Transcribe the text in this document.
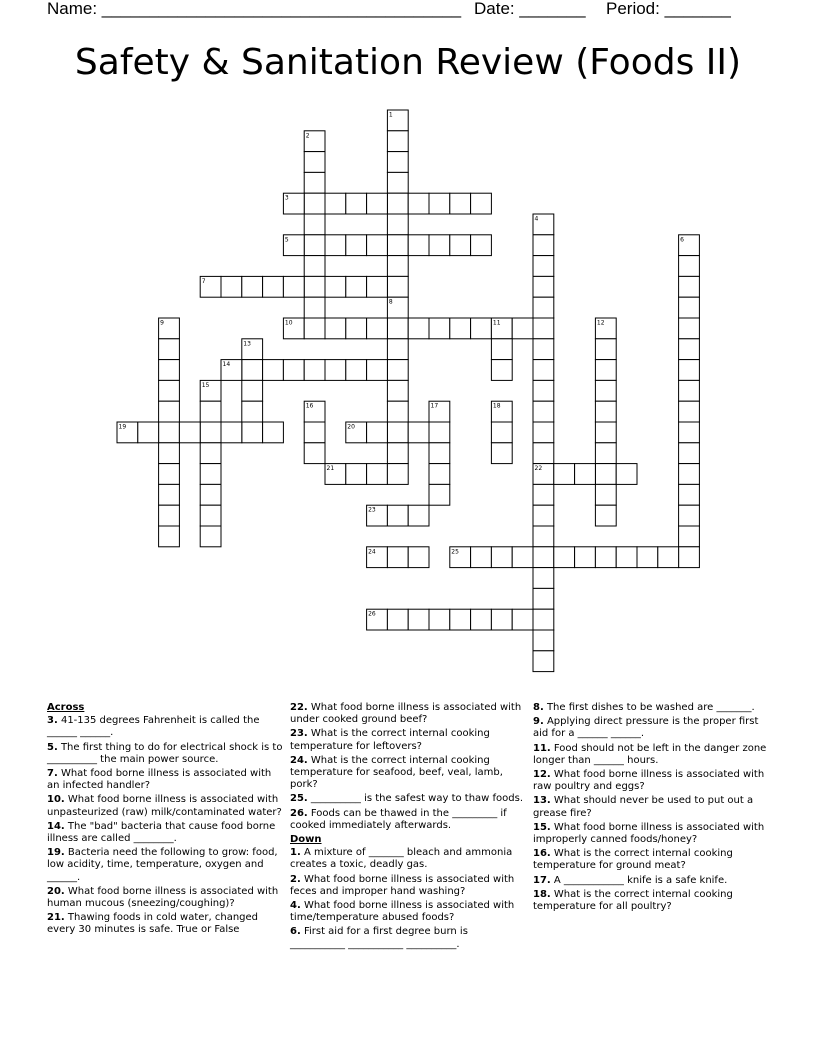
Name: ______________________________________ Date: _______ Period: _______
Safety & Sanitation Review (Foods II)
1
2
3
4
5	6
7
8
9	10	11	12
13
14
15
16	17	18
19	20
21	22
23
24	25
26
Across
3. 41-135 degrees Fahrenheit is called the ______ ______.
5. The first thing to do for electrical shock is to __________ the main power source.
7. What food borne illness is associated with an infected handler?
10. What food borne illness is associated with unpasteurized (raw) milk/contaminated water?
14. The "bad" bacteria that cause food borne illness are called ________.
19. Bacteria need the following to grow: food, low acidity, time, temperature, oxygen and ______.
20. What food borne illness is associated with human mucous (sneezing/coughing)?
21. Thawing foods in cold water, changed every 30 minutes is safe. True or False
22. What food borne illness is associated with under cooked ground beef?
23. What is the correct internal cooking temperature for leftovers?
24. What is the correct internal cooking temperature for seafood, beef, veal, lamb, pork?
25. __________ is the safest way to thaw foods.
26. Foods can be thawed in the _________ if cooked immediately afterwards.
Down
1. A mixture of _______ bleach and ammonia creates a toxic, deadly gas.
2. What food borne illness is associated with feces and improper hand washing?
4. What food borne illness is associated with time/temperature abused foods?
6. First aid for a first degree burn is ___________ ___________ __________.
8. The first dishes to be washed are _______.
9. Applying direct pressure is the proper first aid for a ______ ______.
11. Food should not be left in the danger zone longer than ______ hours.
12. What food borne illness is associated with raw poultry and eggs?
13. What should never be used to put out a grease fire?
15. What food borne illness is associated with improperly canned foods/honey?
16. What is the correct internal cooking temperature for ground meat?
17. A ____________ knife is a safe knife.
18. What is the correct internal cooking temperature for all poultry?
